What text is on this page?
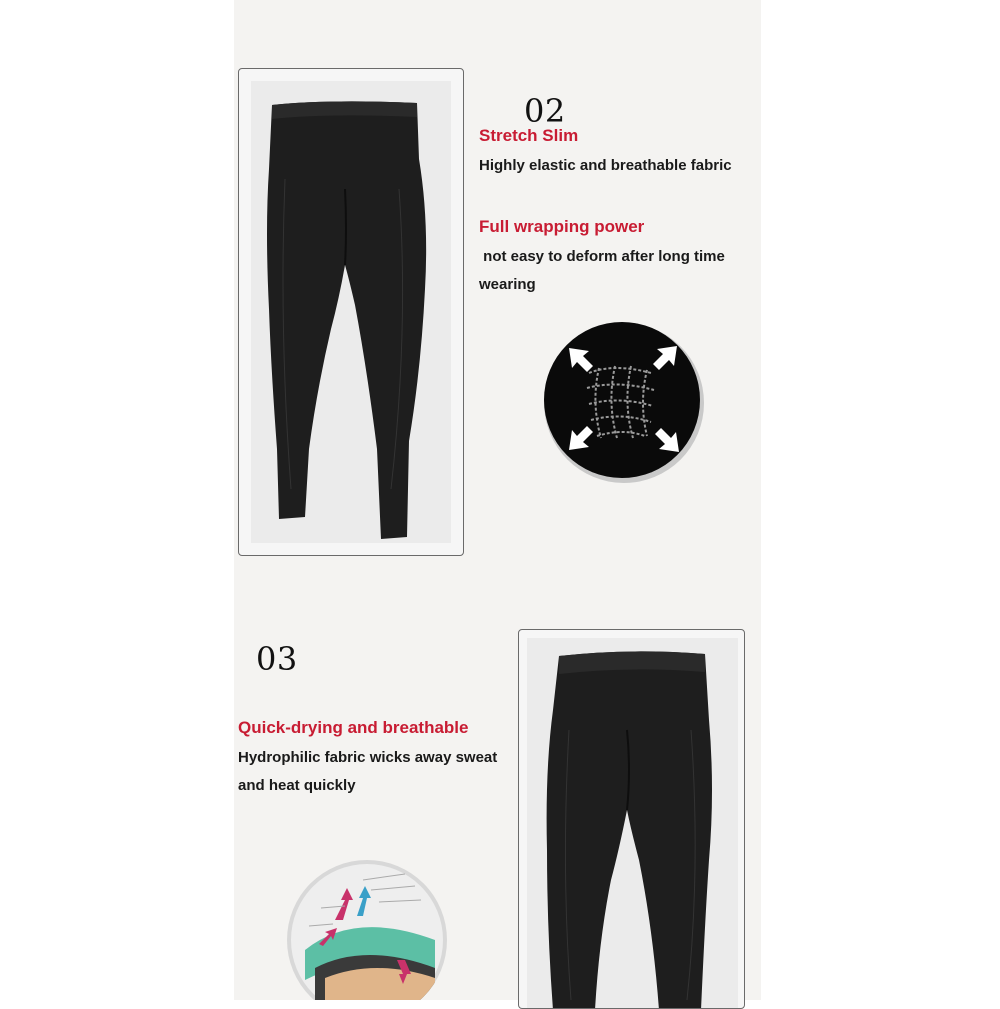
02
Stretch Slim
Highly elastic and breathable fabric
Full wrapping power
not easy to deform after long time
wearing
03
Quick-drying and breathable
Hydrophilic fabric wicks away sweat
and heat quickly
